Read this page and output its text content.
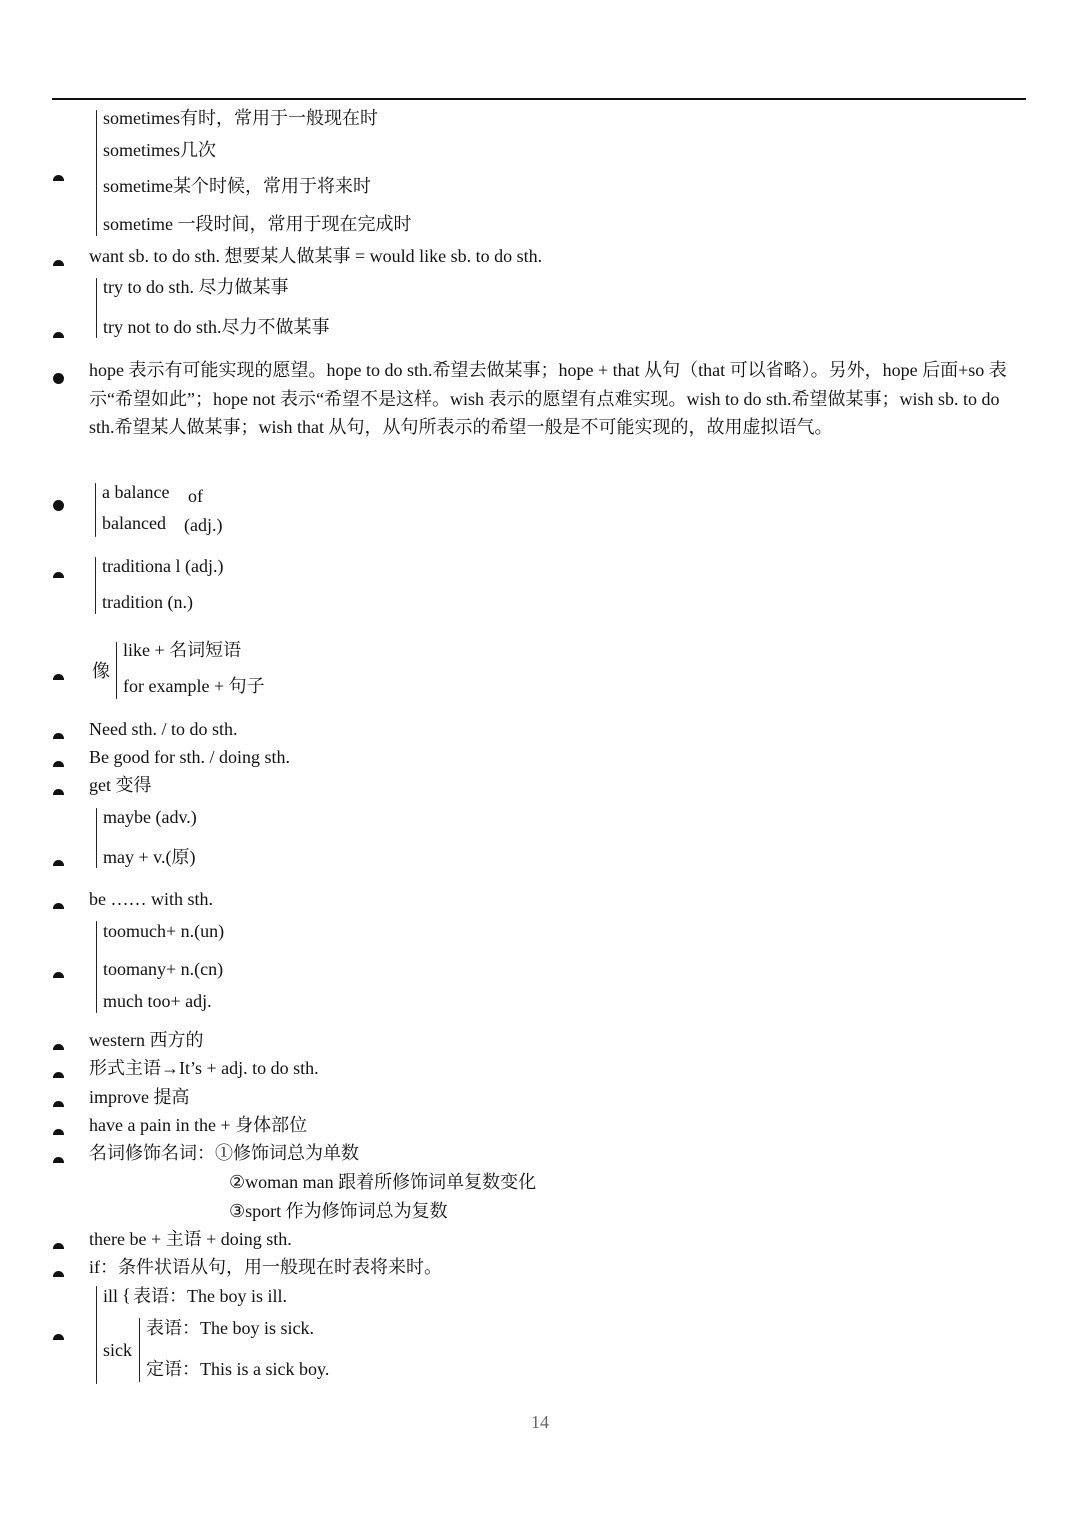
sometimes有时，常用于一般现在时
sometimes几次
sometime某个时候，常用于将来时
sometime 一段时间，常用于现在完成时
want sb. to do sth. 想要某人做某事 = would like sb. to do sth.
try to do sth. 尽力做某事
try not to do sth.尽力不做某事
hope 表示有可能实现的愿望。hope to do sth.希望去做某事；hope + that 从句（that 可以省略）。另外，hope 后面+so 表示“希望如此”；hope not 表示“希望不是这样。wish 表示的愿望有点难实现。wish to do sth.希望做某事；wish sb. to do sth.希望某人做某事；wish that 从句，从句所表示的希望一般是不可能实现的，故用虚拟语气。
a balance of
balanced (adj.)
traditiona l (adj.)
tradition (n.)
像
like + 名词短语
for example + 句子
Need sth. / to do sth.
Be good for sth. / doing sth.
get 变得
maybe (adv.)
may + v.(原)
be …… with sth.
toomuch+ n.(un)
toomany+ n.(cn)
much too+ adj.
western 西方的
形式主语→It’s + adj. to do sth.
improve 提高
have a pain in the + 身体部位
名词修饰名词：①修饰词总为单数
②woman man 跟着所修饰词单复数变化
③sport 作为修饰词总为复数
there be + 主语 + doing sth.
if：条件状语从句，用一般现在时表将来时。
ill { 表语：The boy is ill.
sick
表语：The boy is sick.
定语：This is a sick boy.
14
